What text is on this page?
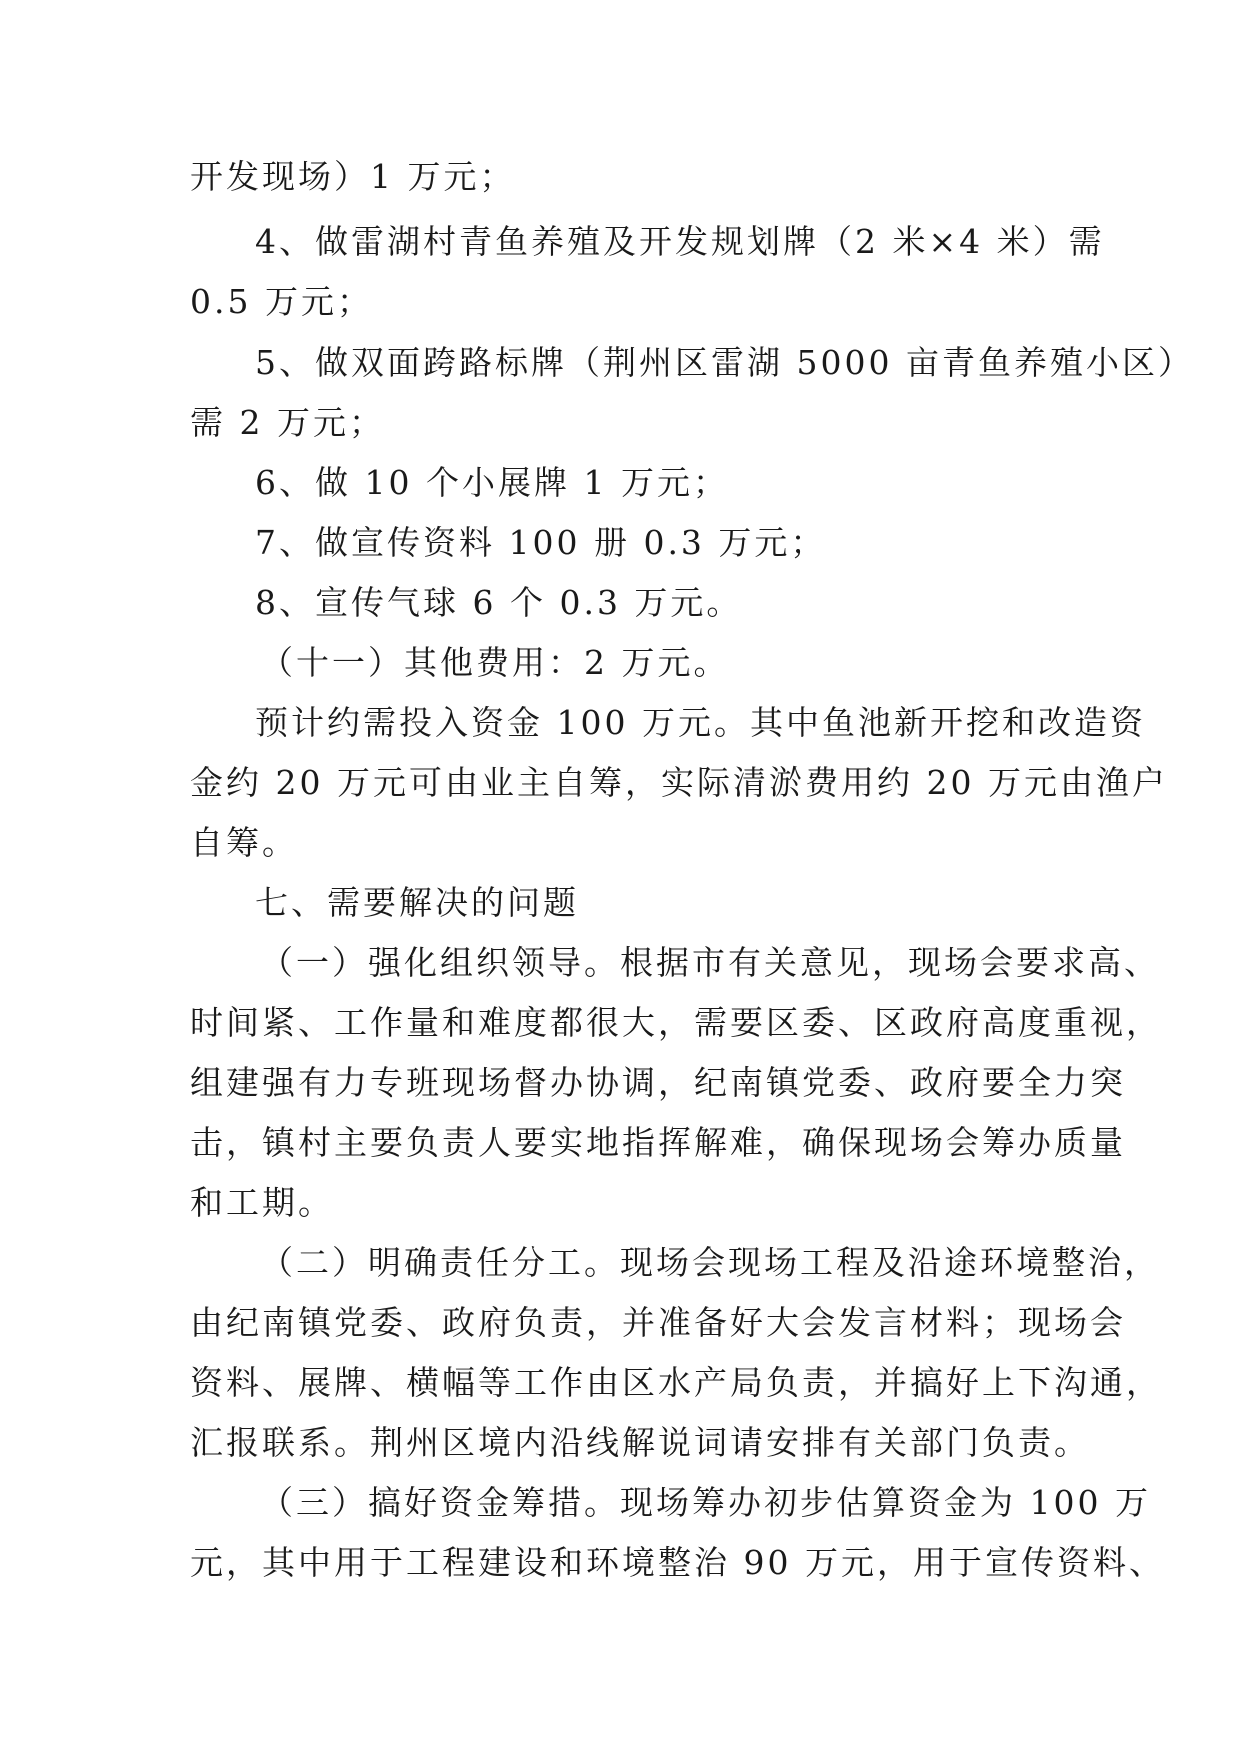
开发现场）1 万元；
4、做雷湖村青鱼养殖及开发规划牌（2 米×4 米）需
0.5 万元；
5、做双面跨路标牌（荆州区雷湖 5000 亩青鱼养殖小区）
需 2 万元；
6、做 10 个小展牌 1 万元；
7、做宣传资料 100 册 0.3 万元；
8、宣传气球 6 个 0.3 万元。
（十一）其他费用：2 万元。
预计约需投入资金 100 万元。其中鱼池新开挖和改造资
金约 20 万元可由业主自筹，实际清淤费用约 20 万元由渔户
自筹。
七、需要解决的问题
（一）强化组织领导。根据市有关意见，现场会要求高、
时间紧、工作量和难度都很大，需要区委、区政府高度重视，
组建强有力专班现场督办协调，纪南镇党委、政府要全力突
击，镇村主要负责人要实地指挥解难，确保现场会筹办质量
和工期。
（二）明确责任分工。现场会现场工程及沿途环境整治，
由纪南镇党委、政府负责，并准备好大会发言材料；现场会
资料、展牌、横幅等工作由区水产局负责，并搞好上下沟通，
汇报联系。荆州区境内沿线解说词请安排有关部门负责。
（三）搞好资金筹措。现场筹办初步估算资金为 100 万
元，其中用于工程建设和环境整治 90 万元，用于宣传资料、
